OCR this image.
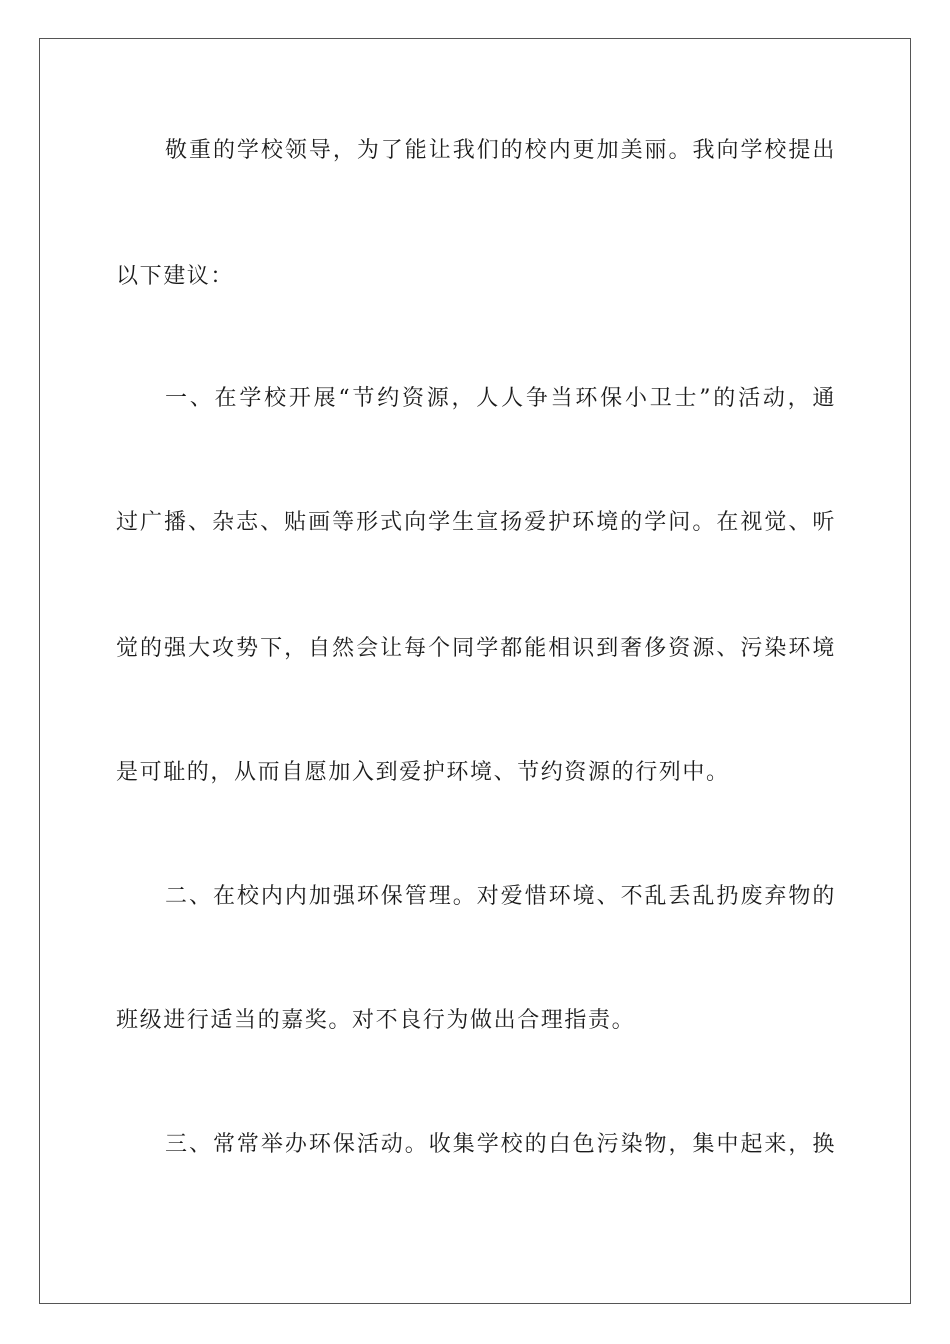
敬重的学校领导，为了能让我们的校内更加美丽。我向学校提出
以下建议：
一、在学校开展“节约资源，人人争当环保小卫士”的活动，通
过广播、杂志、贴画等形式向学生宣扬爱护环境的学问。在视觉、听
觉的强大攻势下，自然会让每个同学都能相识到奢侈资源、污染环境
是可耻的，从而自愿加入到爱护环境、节约资源的行列中。
二、在校内内加强环保管理。对爱惜环境、不乱丢乱扔废弃物的
班级进行适当的嘉奖。对不良行为做出合理指责。
三、常常举办环保活动。收集学校的白色污染物，集中起来，换
